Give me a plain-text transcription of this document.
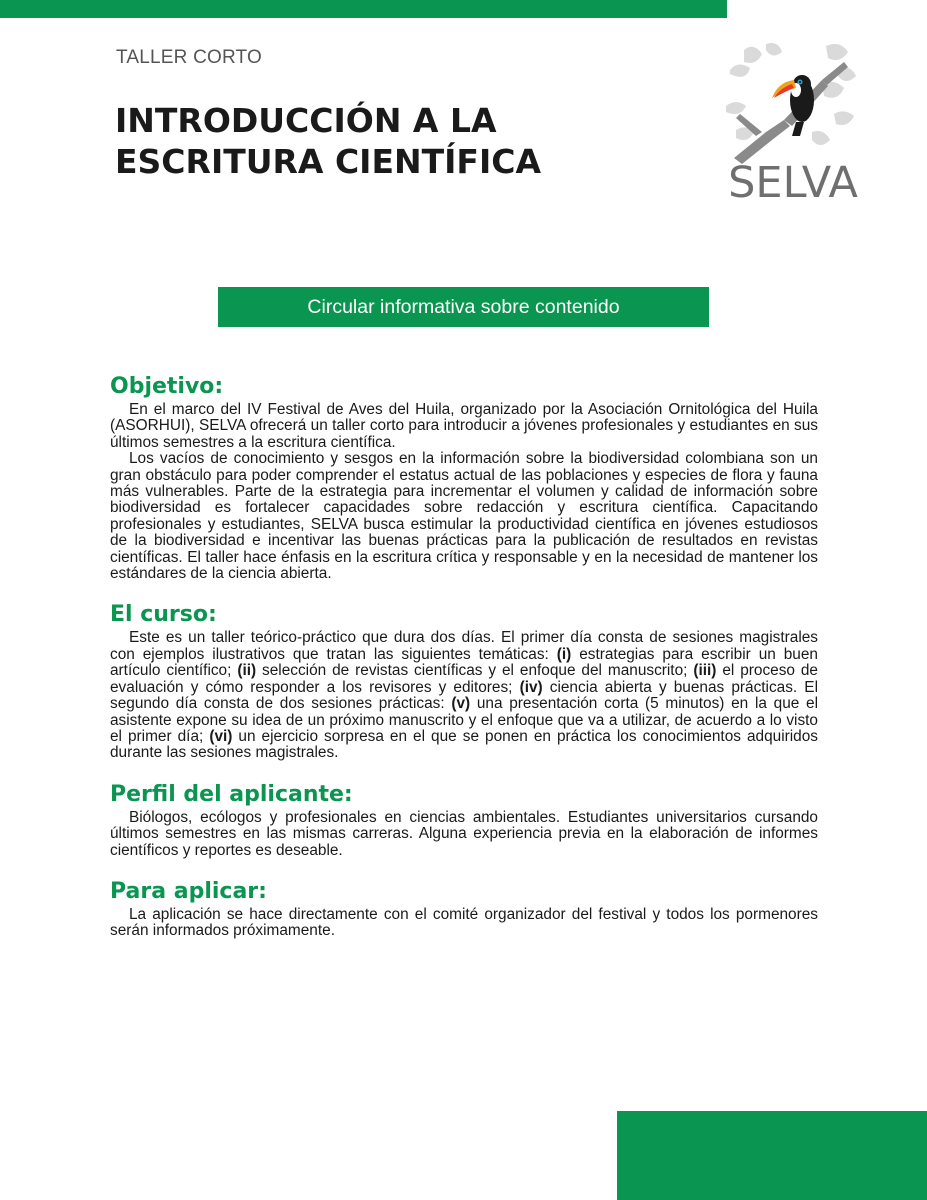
TALLER CORTO
INTRODUCCIÓN A LA ESCRITURA CIENTÍFICA	SELVA
Circular informativa sobre contenido
Objetivo:

En el marco del IV Festival de Aves del Huila, organizado por la Asociación Ornitológica del Huila (ASORHUI), SELVA ofrecerá un taller corto para introducir a jóvenes profesionales y estudiantes en sus últimos semestres a la escritura científica.

Los vacíos de conocimiento y sesgos en la información sobre la biodiversidad colombiana son un gran obstáculo para poder comprender el estatus actual de las poblaciones y especies de flora y fauna más vulnerables. Parte de la estrategia para incrementar el volumen y calidad de información sobre biodiversidad es fortalecer capacidades sobre redacción y escritura científica. Capacitando profesionales y estudiantes, SELVA busca estimular la productividad científica en jóvenes estudiosos de la biodiversidad e incentivar las buenas prácticas para la publicación de resultados en revistas científicas. El taller hace énfasis en la escritura crítica y responsable y en la necesidad de mantener los estándares de la ciencia abierta.

El curso:

Este es un taller teórico-práctico que dura dos días. El primer día consta de sesiones magistrales con ejemplos ilustrativos que tratan las siguientes temáticas: (i) estrategias para escribir un buen artículo científico; (ii) selección de revistas científicas y el enfoque del manuscrito; (iii) el proceso de evaluación y cómo responder a los revisores y editores; (iv) ciencia abierta y buenas prácticas. El segundo día consta de dos sesiones prácticas: (v) una presentación corta (5 minutos) en la que el asistente expone su idea de un próximo manuscrito y el enfoque que va a utilizar, de acuerdo a lo visto el primer día; (vi) un ejercicio sorpresa en el que se ponen en práctica los conocimientos adquiridos durante las sesiones magistrales.

Perfil del aplicante:

Biólogos, ecólogos y profesionales en ciencias ambientales. Estudiantes universitarios cursando últimos semestres en las mismas carreras. Alguna experiencia previa en la elaboración de informes científicos y reportes es deseable.

Para aplicar:

La aplicación se hace directamente con el comité organizador del festival y todos los pormenores serán informados próximamente.
